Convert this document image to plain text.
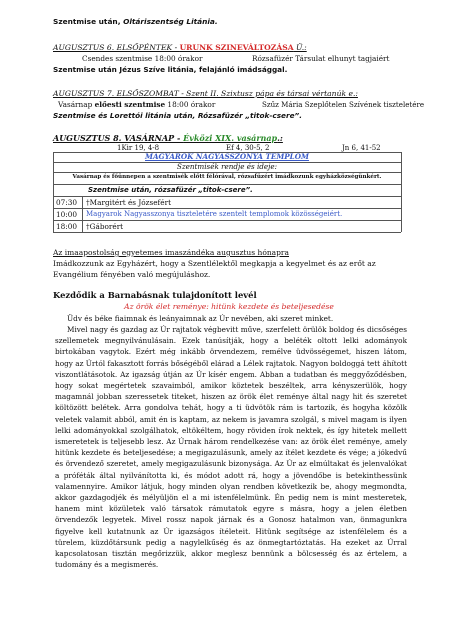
Szentmise után, Oltáriszentség Litánia.
AUGUSZTUS 6. ELSŐPÉNTEK - URUNK SZINEVÁLTOZÁSA Ü.:
Csendes szentmise 18:00 órakor	Rózsafüzér Társulat elhunyt tagjaiért
Szentmise után Jézus Szíve litánia, felajánló imádsággal.
AUGUSZTUS 7. ELSŐSZOMBAT - Szent II. Szixtusz pápa és társai vértanúk e.:
Vasárnap előesti szentmise 18:00 órakor	Szűz Mária Szeplőtelen Szívének tiszteletére
Szentmise és Lorettói litánia után, Rózsafüzér „titok-csere”.
AUGUSZTUS 8. VASÁRNAP - Évközi XIX. vasárnap.:
1Kir 19, 4-8	Ef 4, 30-5, 2	Jn 6, 41-52
MAGYAROK NAGYASSZONYA TEMPLOM
Szentmisék rendje és ideje:
Vasárnap és főünnepen a szentmisék előtt félórával, rózsafüzért imádkozunk egyházközségünkért.
Szentmise után, rózsafüzér „titok-csere”.
07:30 †Margitért és Józsefért
10:00 Magyarok Nagyasszonya tiszteletére szentelt templomok közösségeiért.
18:00 †Gáborért
Az imaapostolság egyetemes imaszándéka augusztus hónapra
Imádkozzunk az Egyházért, hogy a Szentlélektől megkapja a kegyelmet és az erőt az
Evangélium fényében való megújuláshoz.
Kezdődik a Barnabásnak tulajdonított levél
Az örök élet reménye: hitünk kezdete és beteljesedése
Üdv és béke fiaimnak és leányaimnak az Úr nevében, aki szeret minket.
Mivel nagy és gazdag az Úr rajtatok végbevitt műve, szerfelett örülök boldog és dicsőséges szellemetek megnyilvánulásain. Ezek tanúsítják, hogy a beléték oltott lelki adományok birtokában vagytok. Ezért még inkább örvendezem, remélve üdvösségemet, hiszen látom, hogy az Úrtól fakasztott forrás bőségéből elárad a Lélek rajtatok. Nagyon boldoggá tett áhított viszontlátásotok. Az igazság útján az Úr kísér engem. Abban a tudatban és meggyőződésben, hogy sokat megértetek szavaimból, amikor köztetek beszéltek, arra kényszerülök, hogy magamnál jobban szeressetek titeket, hiszen az örök élet reménye által nagy hit és szeretet költözött belétek. Arra gondolva tehát, hogy a ti üdvötök rám is tartozik, és hogyha közölk veletek valamit abból, amit én is kaptam, az nekem is javamra szolgál, s mivel magam is ilyen lelki adományokkal szolgálhatok, eltökéltem, hogy röviden írok nektek, és így hitetek mellett ismeretetek is teljesebb lesz. Az Úrnak három rendelkezése van: az örök élet reménye, amely hitünk kezdete és beteljesedése; a megigazulásunk, amely az ítélet kezdete és vége; a jókedvű és örvendező szeretet, amely megigazulásunk bizonysága. Az Úr az elmúltakat és jelenvalókat a próféták által nyilvánította ki, és módot adott rá, hogy a jövendőbe is betekinthessünk valamennyire. Amikor látjuk, hogy minden olyan rendben következik be, ahogy megmondta, akkor gazdagodjék és mélyüljön el a mi istenfélelmünk. Én pedig nem is mint mesteretek, hanem mint közületek való társatok rámutatok egyre s másra, hogy a jelen életben örvendezők legyetek. Mivel rossz napok járnak és a Gonosz hatalmon van, önmagunkra figyelve kell kutatnunk az Úr igazságos ítéleteit. Hitünk segítsége az istenfélelem és a türelem, küzdőtársunk pedig a nagylelkűség és az önmegtartóztatás. Ha ezeket az Úrral kapcsolatosan tisztán megőrizzük, akkor meglesz bennünk a bölcsesség és az értelem, a tudomány és a megismerés.
